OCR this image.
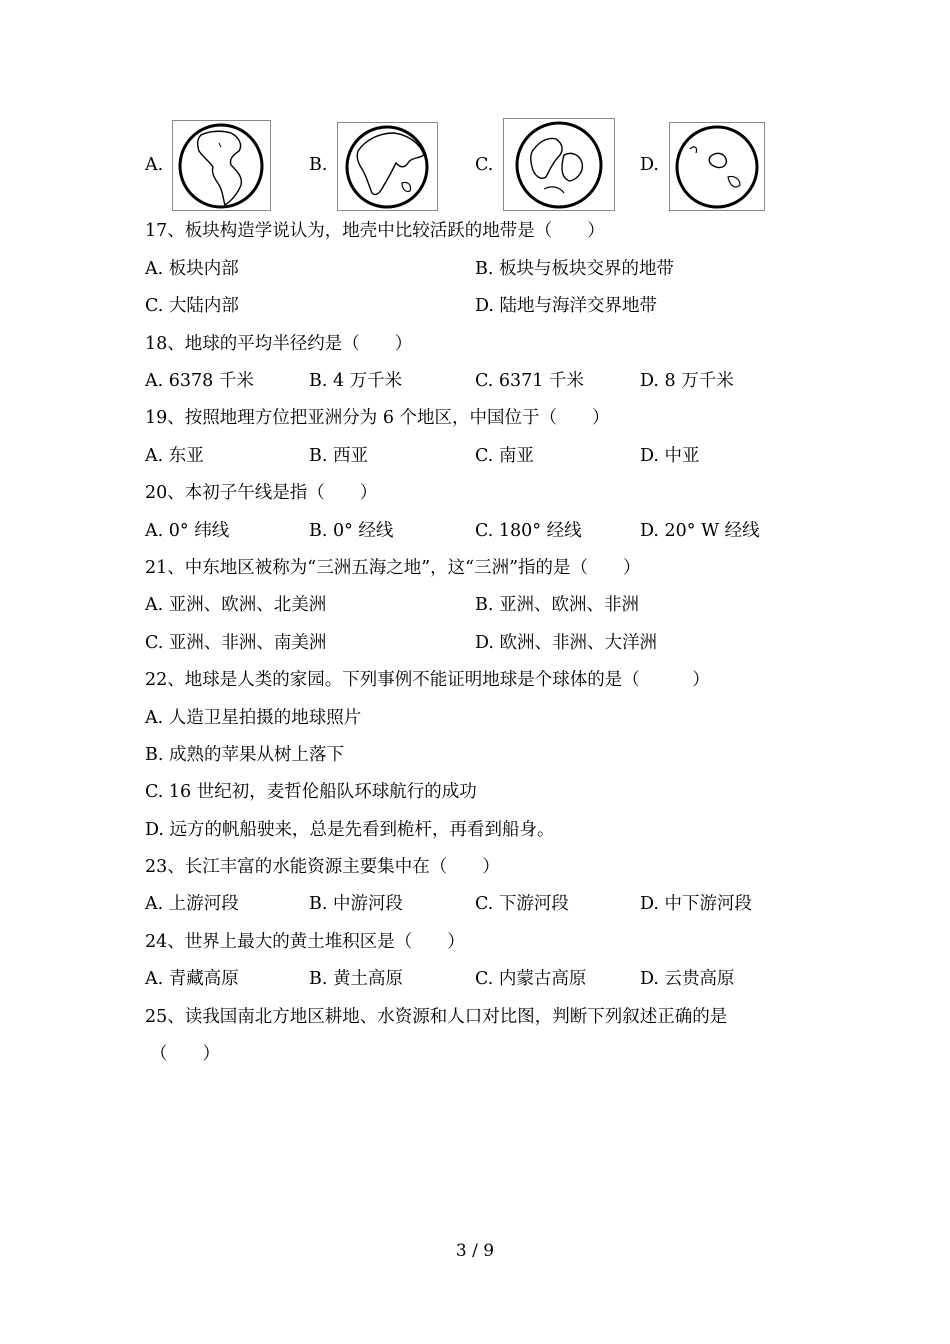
A.	B.	C.	D.
17、板块构造学说认为，地壳中比较活跃的地带是（　　）
A. 板块内部	B. 板块与板块交界的地带
C. 大陆内部	D. 陆地与海洋交界地带
18、地球的平均半径约是（　　）
A. 6378 千米	B. 4 万千米	C. 6371 千米	D. 8 万千米
19、按照地理方位把亚洲分为 6 个地区，中国位于（　　）
A. 东亚	B. 西亚	C. 南亚	D. 中亚
20、本初子午线是指（　　）
A. 0° 纬线	B. 0° 经线	C. 180° 经线	D. 20° W 经线
21、中东地区被称为“三洲五海之地”，这“三洲”指的是（　　）
A. 亚洲、欧洲、北美洲	B. 亚洲、欧洲、非洲
C. 亚洲、非洲、南美洲	D. 欧洲、非洲、大洋洲
22、地球是人类的家园。下列事例不能证明地球是个球体的是（　　　）
A. 人造卫星拍摄的地球照片
B. 成熟的苹果从树上落下
C. 16 世纪初，麦哲伦船队环球航行的成功
D. 远方的帆船驶来，总是先看到桅杆，再看到船身。
23、长江丰富的水能资源主要集中在（　　）
A. 上游河段	B. 中游河段	C. 下游河段	D. 中下游河段
24、世界上最大的黄土堆积区是（　　）
A. 青藏高原	B. 黄土高原	C. 内蒙古高原	D. 云贵高原
25、读我国南北方地区耕地、水资源和人口对比图，判断下列叙述正确的是
（　　）
3 / 9
